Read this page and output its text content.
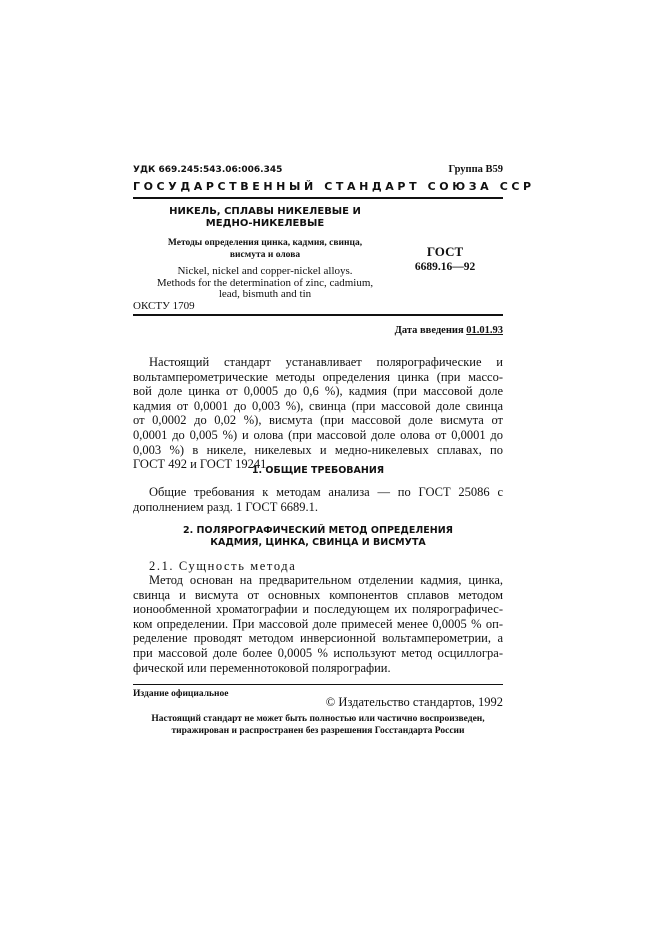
УДК 669.245:543.06:006.345	Группа В59
ГОСУДАРСТВЕННЫЙ СТАНДАРТ СОЮЗА ССР
НИКЕЛЬ, СПЛАВЫ НИКЕЛЕВЫЕ И
МЕДНО-НИКЕЛЕВЫЕ
Методы определения цинка, кадмия, свинца,
висмута и олова
Nickel, nickel and copper-nickel alloys.
Methods for the determination of zinc, cadmium,
lead, bismuth and tin
ОКСТУ 1709
ГОСТ
6689.16—92
Дата введения 01.01.93
Настоящий стандарт устанавливает полярографические и
вольтамперометрические методы определения цинка (при массо-
вой доле цинка от 0,0005 до 0,6 %), кадмия (при массовой доле
кадмия от 0,0001 до 0,003 %), свинца (при массовой доле свинца
от 0,0002 до 0,02 %), висмута (при массовой доле висмута от
0,0001 до 0,005 %) и олова (при массовой доле олова от 0,0001 до
0,003 %) в никеле, никелевых и медно-никелевых сплавах, по
ГОСТ 492 и ГОСТ 19241.
1. ОБЩИЕ ТРЕБОВАНИЯ
Общие требования к методам анализа — по ГОСТ 25086 с
дополнением разд. 1 ГОСТ 6689.1.
2. ПОЛЯРОГРАФИЧЕСКИЙ МЕТОД ОПРЕДЕЛЕНИЯ
КАДМИЯ, ЦИНКА, СВИНЦА И ВИСМУТА
2.1. Сущность метода
Метод основан на предварительном отделении кадмия, цинка,
свинца и висмута от основных компонентов сплавов методом
ионообменной хроматографии и последующем их полярографичес-
ком определении. При массовой доле примесей менее 0,0005 % оп-
ределение проводят методом инверсионной вольтамперометрии, а
при массовой доле более 0,0005 % используют метод осциллогра-
фической или переменнотоковой полярографии.
Издание официальное
© Издательство стандартов, 1992
Настоящий стандарт не может быть полностью или частично воспроизведен,
тиражирован и распространен без разрешения Госстандарта России
